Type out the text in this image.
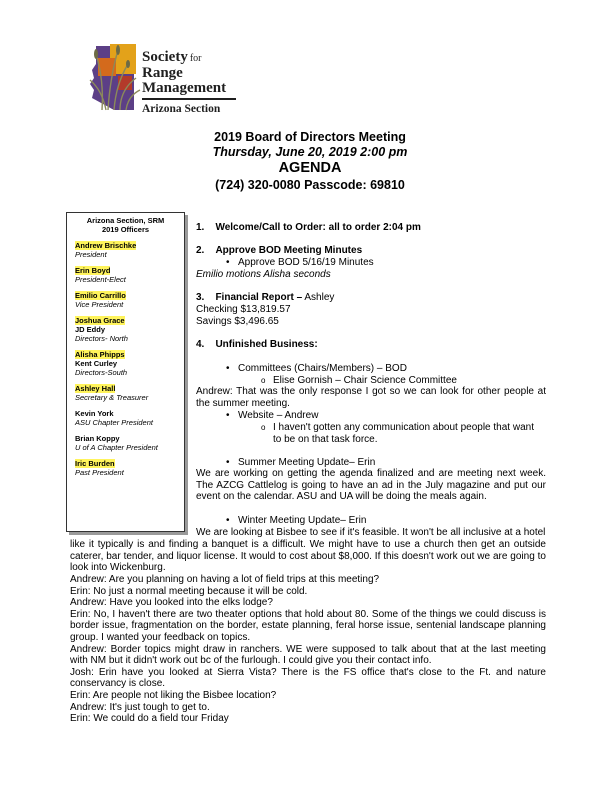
Society for
Range
Management
Arizona Section
2019 Board of Directors Meeting
Thursday, June 20, 2019 2:00 pm
AGENDA
(724) 320-0080 Passcode: 69810
Arizona Section, SRM
2019 Officers
Andrew Brischke
President
Erin Boyd
President-Elect
Emilio Carrillo
Vice President
Joshua Grace
JD Eddy
Directors- North
Alisha Phipps
Kent Curley
Directors-South
Ashley Hall
Secretary & Treasurer
Kevin York
ASU Chapter President
Brian Koppy
U of A Chapter President
Iric Burden
Past President
1.    Welcome/Call to Order: all to order 2:04 pm
2.    Approve BOD Meeting Minutes
• Approve BOD 5/16/19 Minutes
Emilio motions Alisha seconds
3.    Financial Report – Ashley
Checking $13,819.57
Savings $3,496.65
4.    Unfinished Business:
• Committees (Chairs/Members) – BOD
o Elise Gornish – Chair Science Committee
Andrew: That was the only response I got so we can look for other people at the summer meeting.
• Website – Andrew
o I haven't gotten any communication about people that want to be on that task force.
• Summer Meeting Update– Erin
We are working on getting the agenda finalized and are meeting next week. The AZCG Cattlelog is going to have an ad in the July magazine and put our event on the calendar. ASU and UA will be doing the meals again.
• Winter Meeting Update– Erin
We are looking at Bisbee to see if it's feasible. It won't be all inclusive at a hotel
like it typically is and finding a banquet is a difficult. We might have to use a church then get an outside caterer, bar tender, and liquor license. It would to cost about $8,000. If this doesn't work out we are going to look into Wickenburg.
Andrew: Are you planning on having a lot of field trips at this meeting?
Erin: No just a normal meeting because it will be cold.
Andrew: Have you looked into the elks lodge?
Erin: No, I haven't there are two theater options that hold about 80. Some of the things we could discuss is border issue, fragmentation on the border, estate planning, feral horse issue, sentenial landscape planning group. I wanted your feedback on topics.
Andrew: Border topics might draw in ranchers. WE were supposed to talk about that at the last meeting with NM but it didn't work out bc of the furlough. I could give you their contact info.
Josh: Erin have you looked at Sierra Vista? There is the FS office that's close to the Ft. and nature conservancy is close.
Erin: Are people not liking the Bisbee location?
Andrew: It's just tough to get to.
Erin: We could do a field tour Friday
